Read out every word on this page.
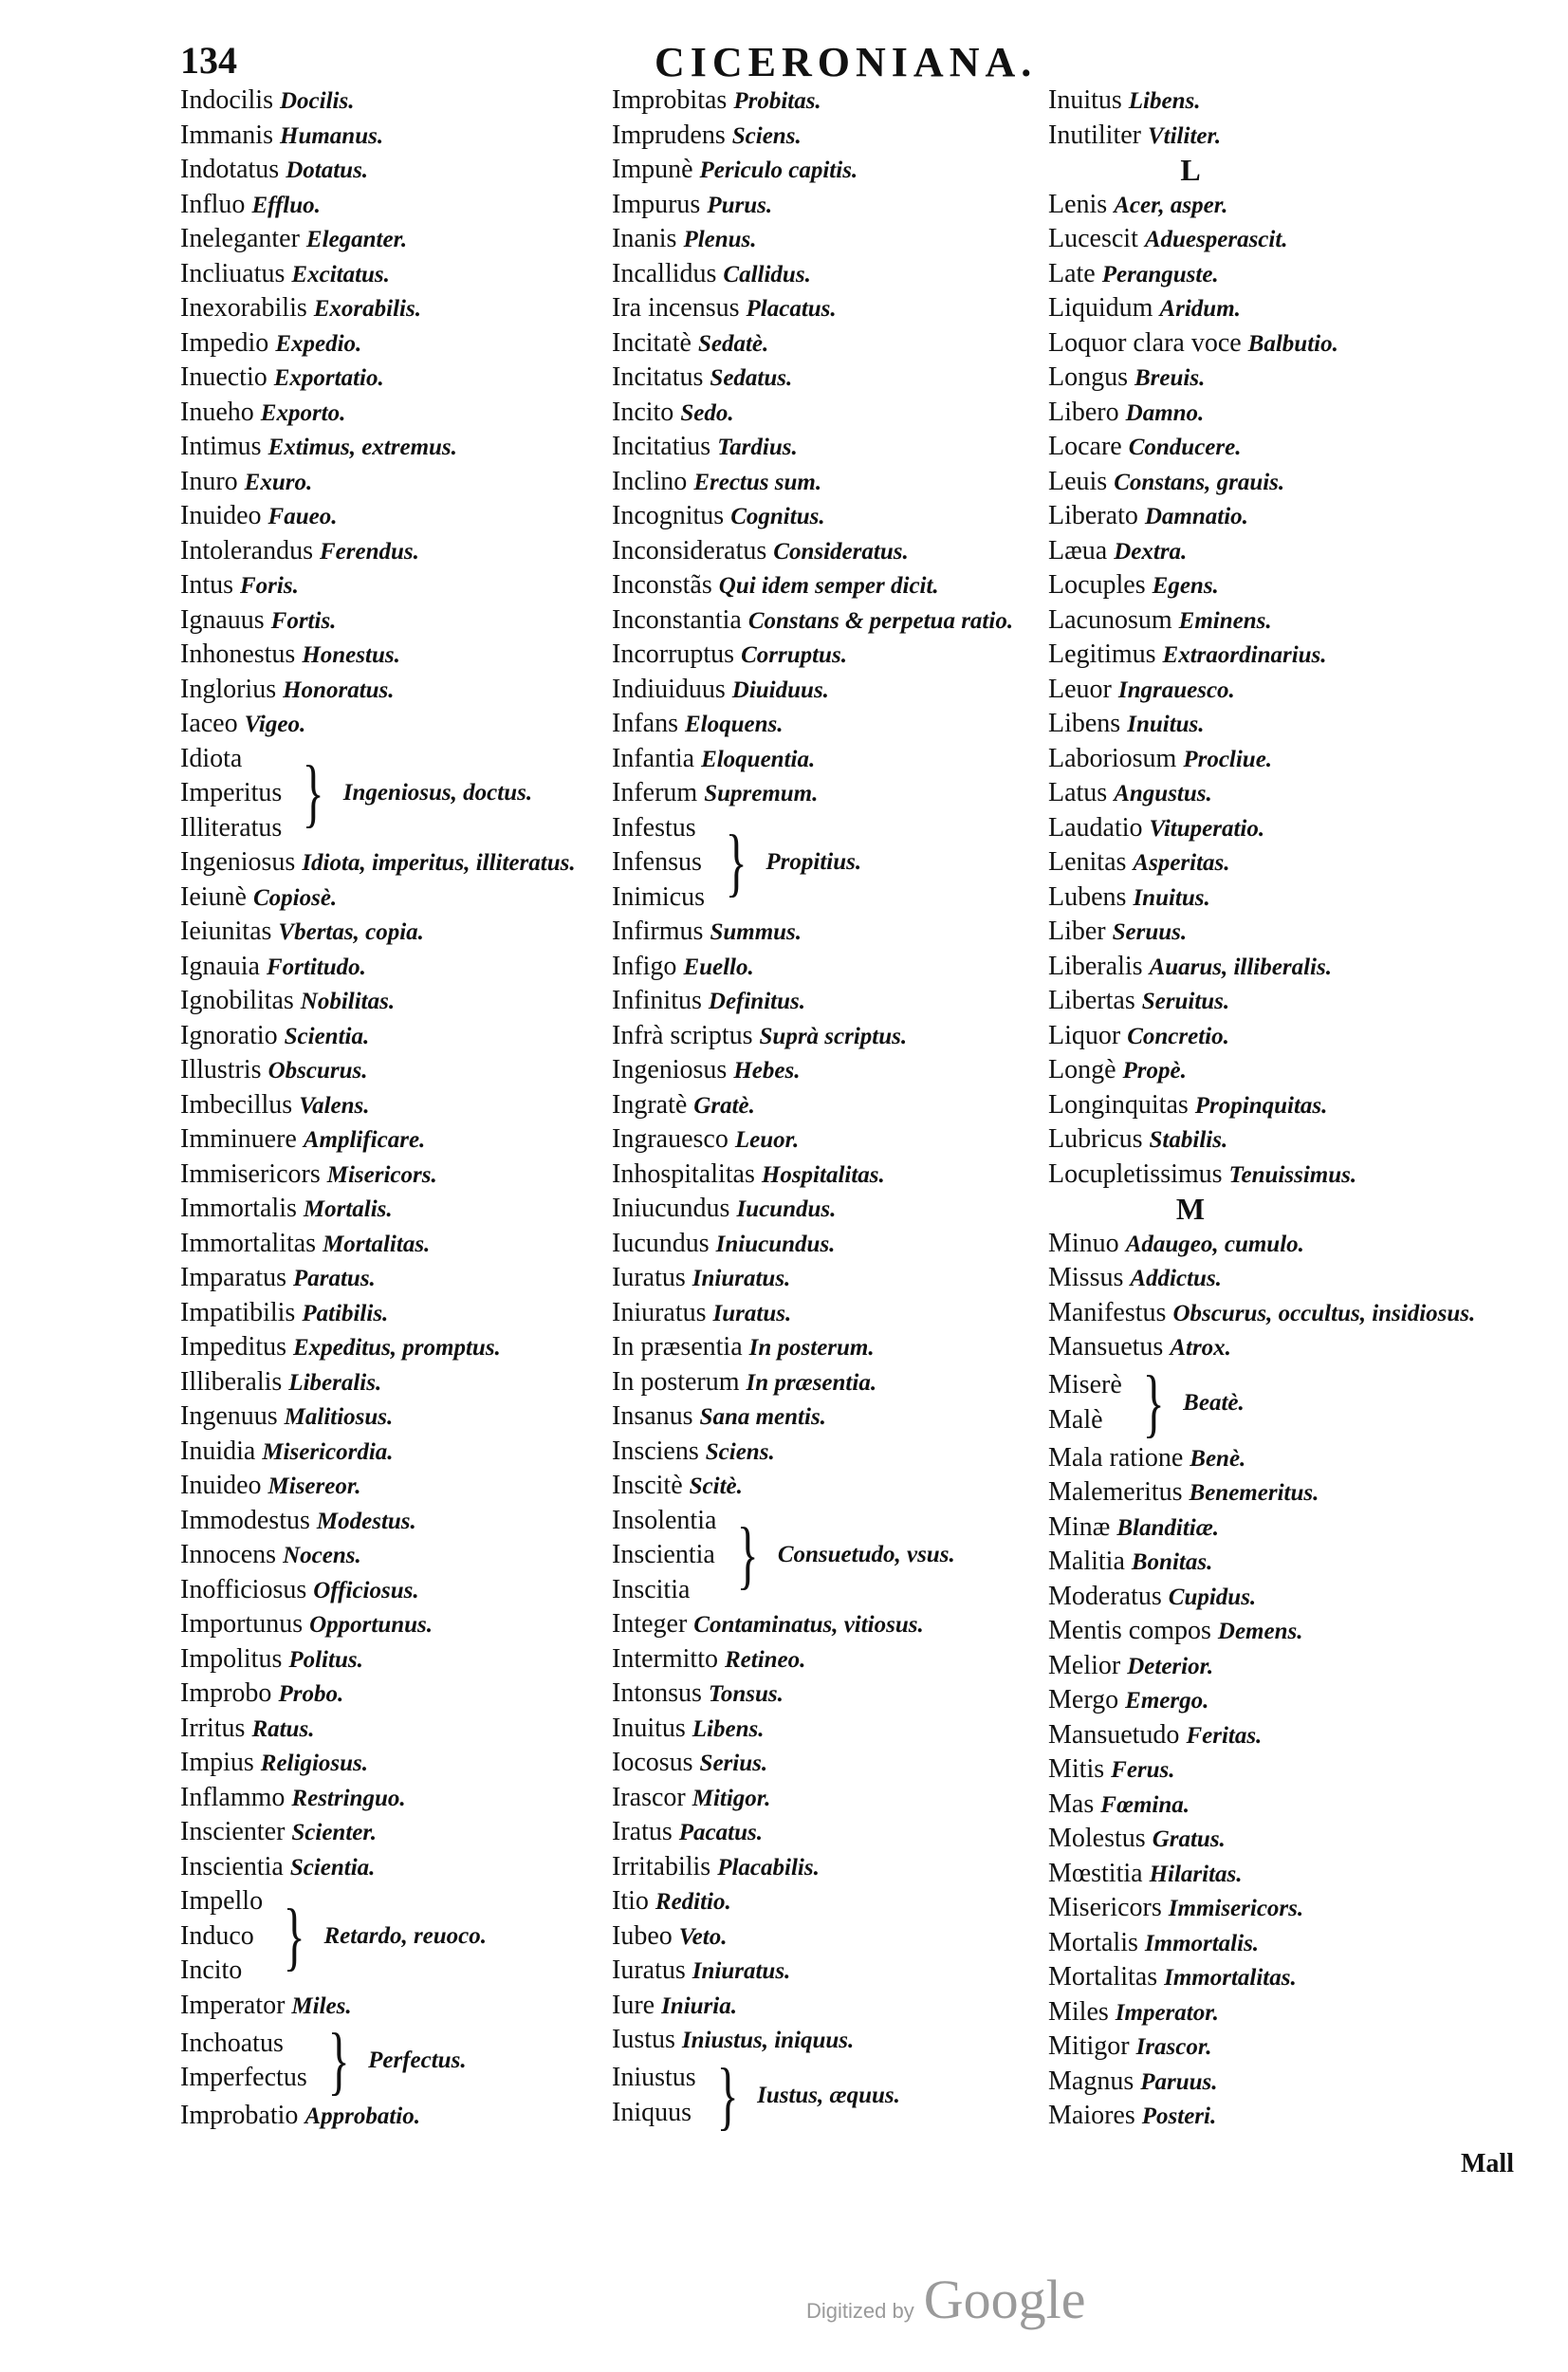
134	CICERONIANA.
Indocilis Docilis.
Immanis Humanus.
Indotatus Dotatus.
Influo Effluo.
Ineleganter Eleganter.
Incliuatus Excitatus.
Inexorabilis Exorabilis.
Impedio Expedio.
Inuectio Exportatio.
Inueho Exporto.
Intimus Extimus, extremus.
Inuro Exuro.
Inuideo Faueo.
Intolerandus Ferendus.
Intus Foris.
Ignauus Fortis.
Inhonestus Honestus.
Inglorius Honoratus.
Iaceo Vigeo.
Idiota
Imperitus
Illiteratus } Ingeniosus, doctus.
Ingeniosus Idiota, imperitus, illiteratus.
Ieiunè Copiosè.
Ieiunitas Vbertas, copia.
Ignauia Fortitudo.
Ignobilitas Nobilitas.
Ignoratio Scientia.
Illustris Obscurus.
Imbecillus Valens.
Imminuere Amplificare.
Immisericors Misericors.
Immortalis Mortalis.
Immortalitas Mortalitas.
Imparatus Paratus.
Impatibilis Patibilis.
Impeditus Expeditus, promptus.
Illiberalis Liberalis.
Ingenuus Malitiosus.
Inuidia Misericordia.
Inuideo Misereor.
Immodestus Modestus.
Innocens Nocens.
Inofficiosus Officiosus.
Importunus Opportunus.
Impolitus Politus.
Improbo Probo.
Irritus Ratus.
Impius Religiosus.
Inflammo Restringuo.
Inscienter Scienter.
Inscientia Scientia.
Impello
Induco
Incito } Retardo, reuoco.
Imperator Miles.
Inchoatus
Imperfectus } Perfectus.
Improbatio Approbatio.
Improbitas Probitas.
Imprudens Sciens.
Impunè Periculo capitis.
Impurus Purus.
Inanis Plenus.
Incallidus Callidus.
Ira incensus Placatus.
Incitatè Sedatè.
Incitatus Sedatus.
Incito Sedo.
Incitatius Tardius.
Inclino Erectus sum.
Incognitus Cognitus.
Inconsideratus Consideratus.
Inconstãs Qui idem semper dicit.
Inconstantia Constans & perpetua ratio.
Incorruptus Corruptus.
Indiuiduus Diuiduus.
Infans Eloquens.
Infantia Eloquentia.
Inferum Supremum.
Infestus
Infensus
Inimicus } Propitius.
Infirmus Summus.
Infigo Euello.
Infinitus Definitus.
Infrà scriptus Suprà scriptus.
Ingeniosus Hebes.
Ingratè Gratè.
Ingrauesco Leuor.
Inhospitalitas Hospitalitas.
Iniucundus Iucundus.
Iucundus Iniucundus.
Iuratus Iniuratus.
Iniuratus Iuratus.
In præsentia In posterum.
In posterum In præsentia.
Insanus Sana mentis.
Insciens Sciens.
Inscitè Scitè.
Insolentia
Inscientia
Inscitia } Consuetudo, vsus.
Integer Contaminatus, vitiosus.
Intermitto Retineo.
Intonsus Tonsus.
Inuitus Libens.
Iocosus Serius.
Irascor Mitigor.
Iratus Pacatus.
Irritabilis Placabilis.
Itio Reditio.
Iubeo Veto.
Iuratus Iniuratus.
Iure Iniuria.
Iustus Iniustus, iniquus.
Iniustus
Iniquus } Iustus, æquus.
Inuitus Libens.
Inutiliter Vtiliter.
L
Lenis Acer, asper.
Lucescit Aduesperascit.
Late Peranguste.
Liquidum Aridum.
Loquor clara voce Balbutio.
Longus Breuis.
Libero Damno.
Locare Conducere.
Leuis Constans, grauis.
Liberato Damnatio.
Læua Dextra.
Locuples Egens.
Lacunosum Eminens.
Legitimus Extraordinarius.
Leuor Ingrauesco.
Libens Inuitus.
Laboriosum Procliue.
Latus Angustus.
Laudatio Vituperatio.
Lenitas Asperitas.
Lubens Inuitus.
Liber Seruus.
Liberalis Auarus, illiberalis.
Libertas Seruitus.
Liquor Concretio.
Longè Propè.
Longinquitas Propinquitas.
Lubricus Stabilis.
Locupletissimus Tenuissimus.
M
Minuo Adaugeo, cumulo.
Missus Addictus.
Manifestus Obscurus, occultus, insidiosus.
Mansuetus Atrox.
Miserè
Malè } Beatè.
Mala ratione Benè.
Malemeritus Benemeritus.
Minæ Blanditiæ.
Malitia Bonitas.
Moderatus Cupidus.
Mentis compos Demens.
Melior Deterior.
Mergo Emergo.
Mansuetudo Feritas.
Mitis Ferus.
Mas Fœmina.
Molestus Gratus.
Mœstitia Hilaritas.
Misericors Immisericors.
Mortalis Immortalis.
Mortalitas Immortalitas.
Miles Imperator.
Mitigor Irascor.
Magnus Paruus.
Maiores Posteri.
Mall
Digitized by Google
